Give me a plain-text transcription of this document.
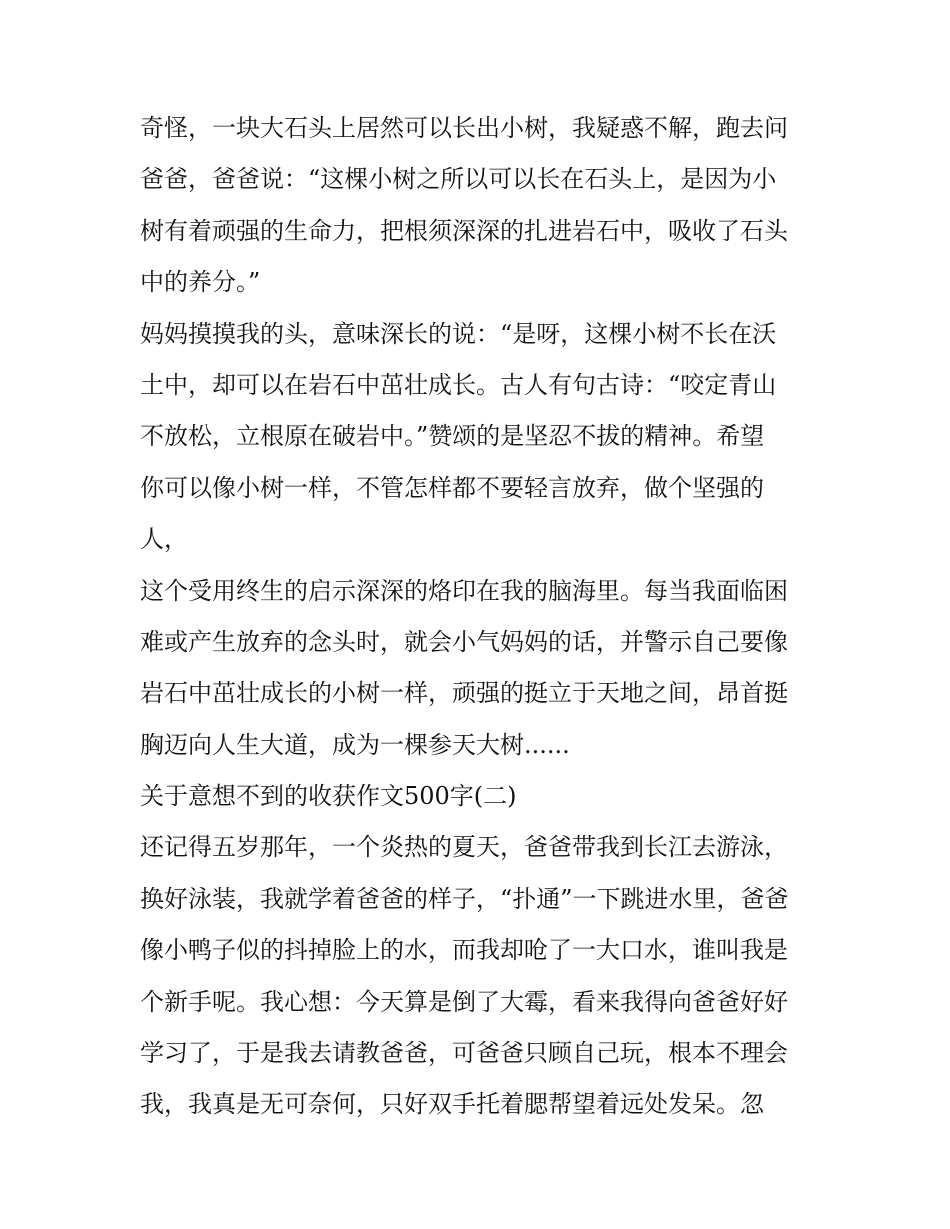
奇怪，一块大石头上居然可以长出小树，我疑惑不解，跑去问
爸爸，爸爸说：“这棵小树之所以可以长在石头上，是因为小
树有着顽强的生命力，把根须深深的扎进岩石中，吸收了石头
中的养分。”
妈妈摸摸我的头，意味深长的说：“是呀，这棵小树不长在沃
土中，却可以在岩石中茁壮成长。古人有句古诗：“咬定青山
不放松，立根原在破岩中。”赞颂的是坚忍不拔的精神。希望
你可以像小树一样，不管怎样都不要轻言放弃，做个坚强的
人，
这个受用终生的启示深深的烙印在我的脑海里。每当我面临困
难或产生放弃的念头时，就会小气妈妈的话，并警示自己要像
岩石中茁壮成长的小树一样，顽强的挺立于天地之间，昂首挺
胸迈向人生大道，成为一棵参天大树......
关于意想不到的收获作文500字(二)
还记得五岁那年，一个炎热的夏天，爸爸带我到长江去游泳，
换好泳装，我就学着爸爸的样子，“扑通”一下跳进水里，爸爸
像小鸭子似的抖掉脸上的水，而我却呛了一大口水，谁叫我是
个新手呢。我心想：今天算是倒了大霉，看来我得向爸爸好好
学习了，于是我去请教爸爸，可爸爸只顾自己玩，根本不理会
我，我真是无可奈何，只好双手托着腮帮望着远处发呆。忽
